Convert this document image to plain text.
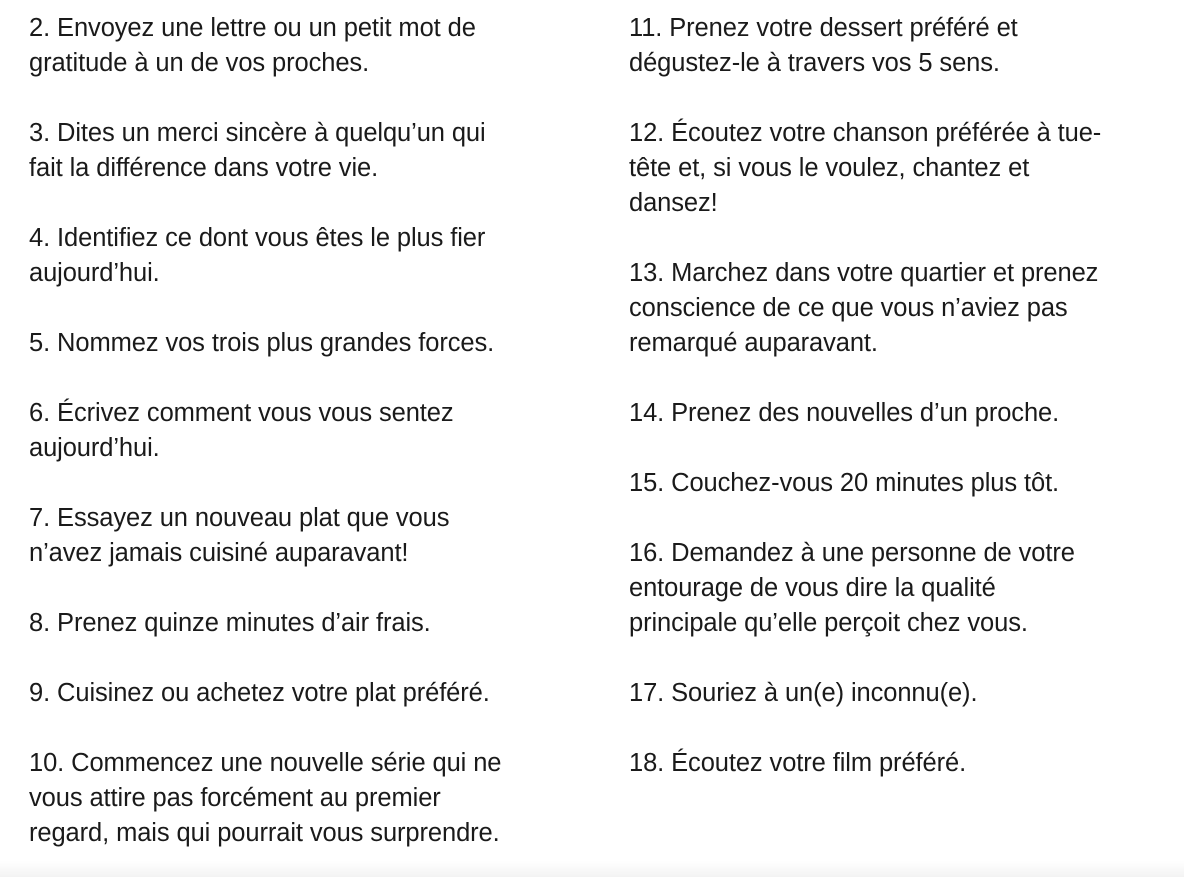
2. Envoyez une lettre ou un petit mot de
gratitude à un de vos proches.
3. Dites un merci sincère à quelqu’un qui
fait la différence dans votre vie.
4. Identifiez ce dont vous êtes le plus fier
aujourd’hui.
5. Nommez vos trois plus grandes forces.
6. Écrivez comment vous vous sentez
aujourd’hui.
7. Essayez un nouveau plat que vous
n’avez jamais cuisiné auparavant!
8. Prenez quinze minutes d’air frais.
9. Cuisinez ou achetez votre plat préféré.
10. Commencez une nouvelle série qui ne
vous attire pas forcément au premier
regard, mais qui pourrait vous surprendre.
11. Prenez votre dessert préféré et
dégustez-le à travers vos 5 sens.
12. Écoutez votre chanson préférée à tue-
tête et, si vous le voulez, chantez et
dansez!
13. Marchez dans votre quartier et prenez
conscience de ce que vous n’aviez pas
remarqué auparavant.
14. Prenez des nouvelles d’un proche.
15. Couchez-vous 20 minutes plus tôt.
16. Demandez à une personne de votre
entourage de vous dire la qualité
principale qu’elle perçoit chez vous.
17. Souriez à un(e) inconnu(e).
18. Écoutez votre film préféré.
